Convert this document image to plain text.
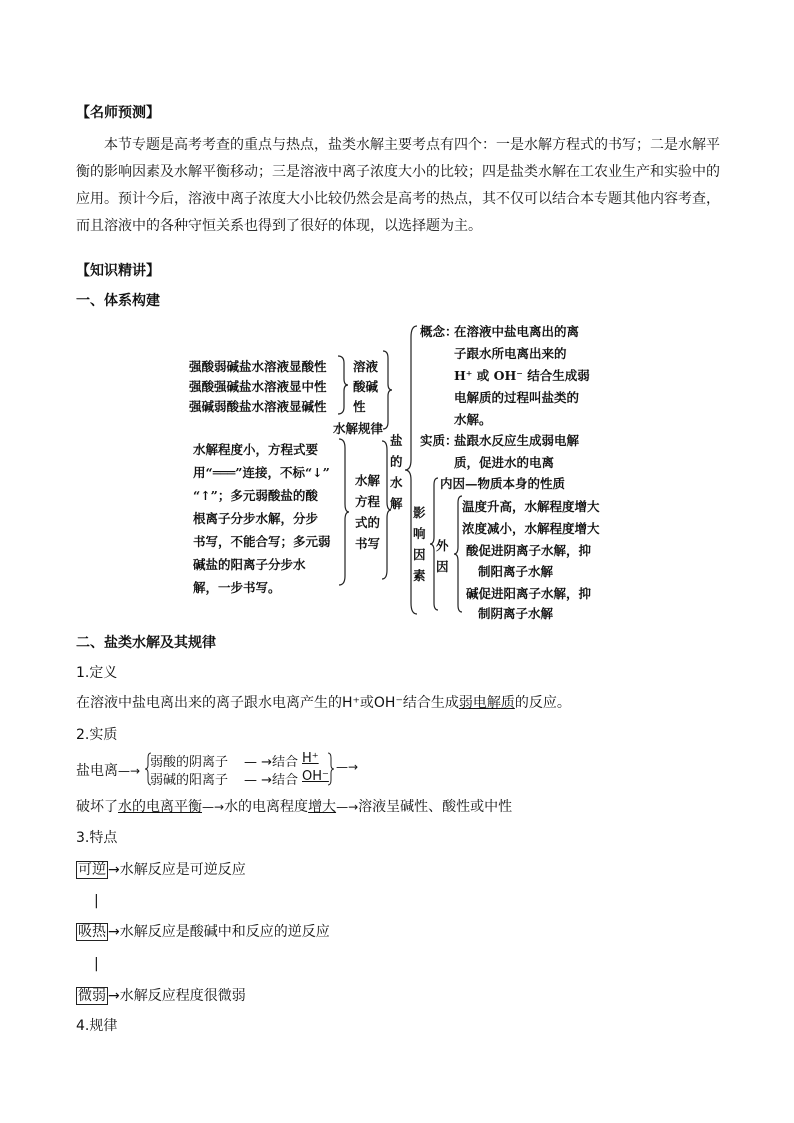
【名师预测】
本节专题是高考考查的重点与热点，盐类水解主要考点有四个：一是水解方程式的书写；二是水解平衡的影响因素及水解平衡移动；三是溶液中离子浓度大小的比较；四是盐类水解在工农业生产和实验中的应用。预计今后，溶液中离子浓度大小比较仍然会是高考的热点，其不仅可以结合本专题其他内容考查，而且溶液中的各种守恒关系也得到了很好的体现，以选择题为主。
【知识精讲】
一、体系构建
强酸弱碱盐水溶液显酸性
强酸强碱盐水溶液显中性
强碱弱酸盐水溶液显碱性
溶液
酸碱
性
水解规律
水解程度小，方程式要
用“═══”连接，不标“↓”
“↑”；多元弱酸盐的酸
根离子分步水解，分步
书写，不能合写；多元弱
碱盐的阳离子分步水
解，一步书写。
水解
方程
式的
书写
盐
的
水
解
概念：
在溶液中盐电离出的离
子跟水所电离出来的
H⁺ 或 OH⁻ 结合生成弱
电解质的过程叫盐类的
水解。
实质：
盐跟水反应生成弱电解
质，促进水的电离
影
响
因
素
内因—物质本身的性质
外
因
温度升高，水解程度增大
浓度减小，水解程度增大
酸促进阴离子水解，抑
制阳离子水解
碱促进阳离子水解，抑
制阴离子水解
二、盐类水解及其规律
1.定义
在溶液中盐电离出来的离子跟水电离产生的H⁺或OH⁻结合生成弱电解质的反应。
2.实质
盐电离 —→
弱酸的阴离子
弱碱的阳离子
— →结合
— →结合
H⁺
OH⁻
—→
破坏了水的电离平衡—→水的电离程度增大—→溶液呈碱性、酸性或中性
3.特点
可逆 →水解反应是可逆反应
|
吸热 →水解反应是酸碱中和反应的逆反应
|
微弱 →水解反应程度很微弱
4.规律
